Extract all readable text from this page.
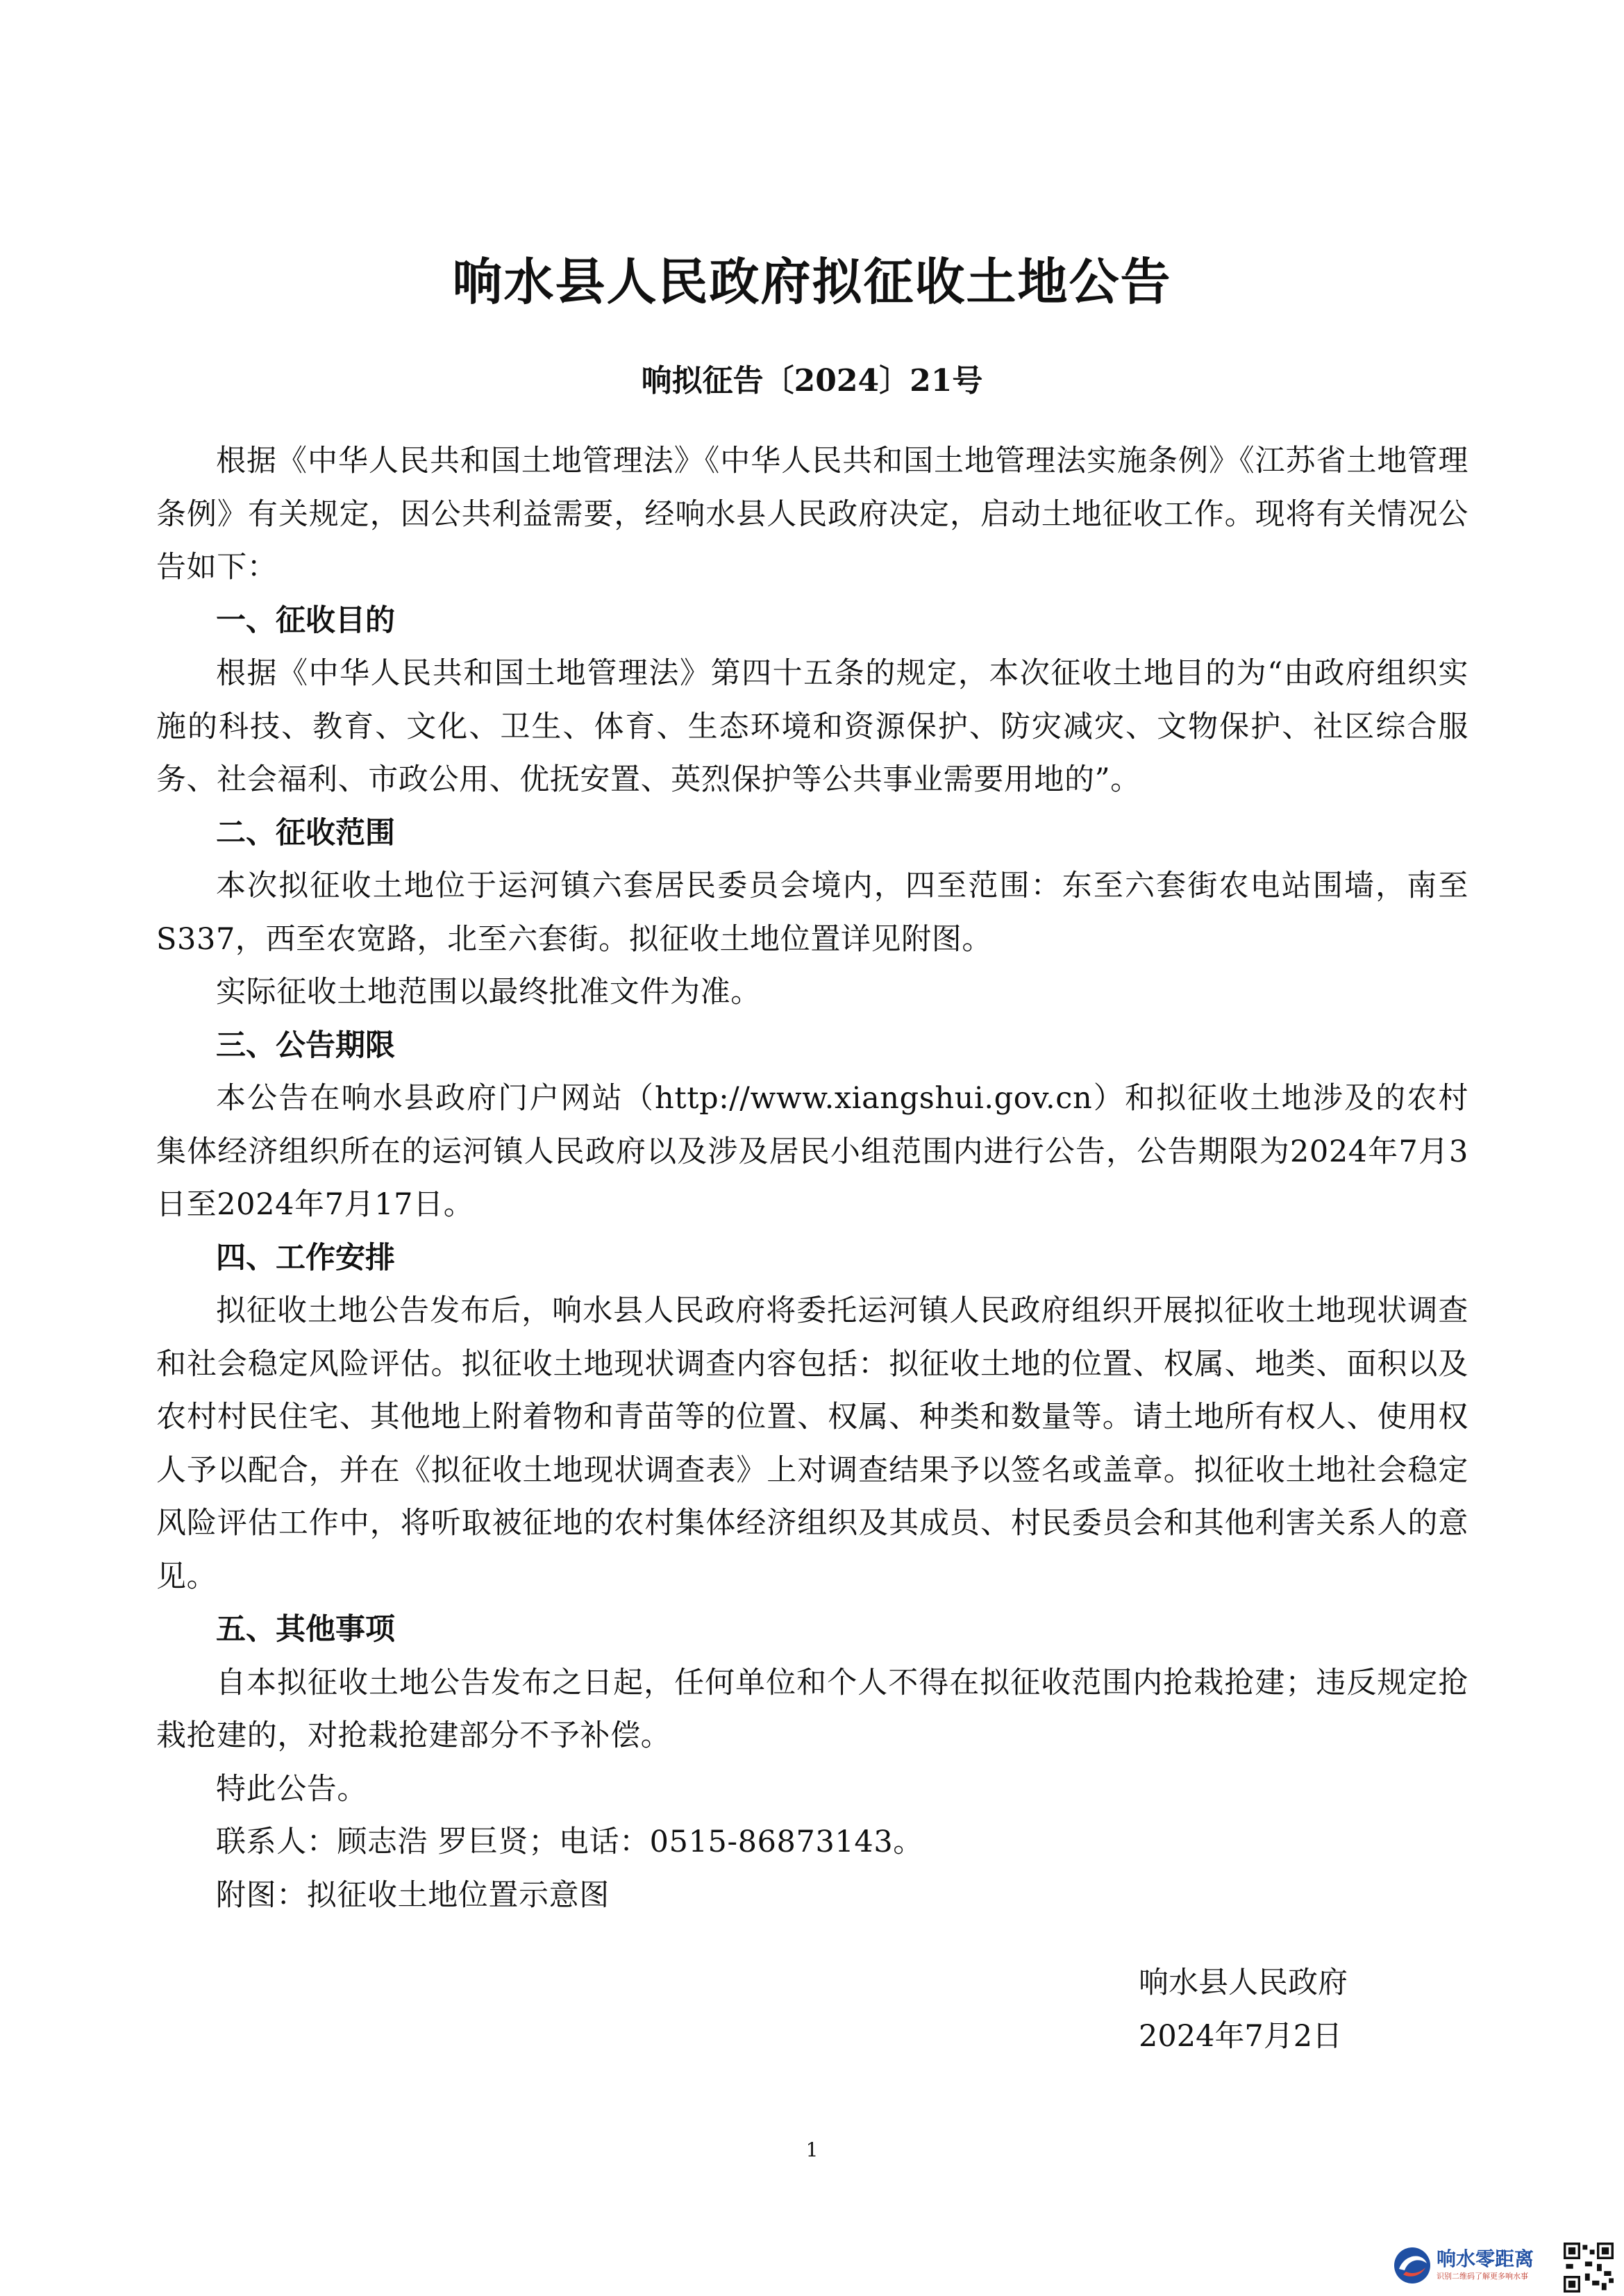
响水县人民政府拟征收土地公告

响拟征告〔2024〕21号

根据《中华人民共和国土地管理法》《中华人民共和国土地管理法实施条例》《江苏省土地管理条例》有关规定，因公共利益需要，经响水县人民政府决定，启动土地征收工作。现将有关情况公告如下：

一、征收目的

根据《中华人民共和国土地管理法》第四十五条的规定，本次征收土地目的为“由政府组织实施的科技、教育、文化、卫生、体育、生态环境和资源保护、防灾减灾、文物保护、社区综合服务、社会福利、市政公用、优抚安置、英烈保护等公共事业需要用地的”。

二、征收范围

本次拟征收土地位于运河镇六套居民委员会境内，四至范围：东至六套街农电站围墙，南至S337，西至农宽路，北至六套街。拟征收土地位置详见附图。

实际征收土地范围以最终批准文件为准。

三、公告期限

本公告在响水县政府门户网站（http://www.xiangshui.gov.cn）和拟征收土地涉及的农村集体经济组织所在的运河镇人民政府以及涉及居民小组范围内进行公告，公告期限为2024年7月3日至2024年7月17日。

四、工作安排

拟征收土地公告发布后，响水县人民政府将委托运河镇人民政府组织开展拟征收土地现状调查和社会稳定风险评估。拟征收土地现状调查内容包括：拟征收土地的位置、权属、地类、面积以及农村村民住宅、其他地上附着物和青苗等的位置、权属、种类和数量等。请土地所有权人、使用权人予以配合，并在《拟征收土地现状调查表》上对调查结果予以签名或盖章。拟征收土地社会稳定风险评估工作中，将听取被征地的农村集体经济组织及其成员、村民委员会和其他利害关系人的意见。

五、其他事项

自本拟征收土地公告发布之日起，任何单位和个人不得在拟征收范围内抢栽抢建；违反规定抢栽抢建的，对抢栽抢建部分不予补偿。

特此公告。

联系人：顾志浩 罗巨贤；电话：0515-86873143。

附图：拟征收土地位置示意图

响水县人民政府

2024年7月2日

1

响水零距离
识别二维码了解更多响水事
